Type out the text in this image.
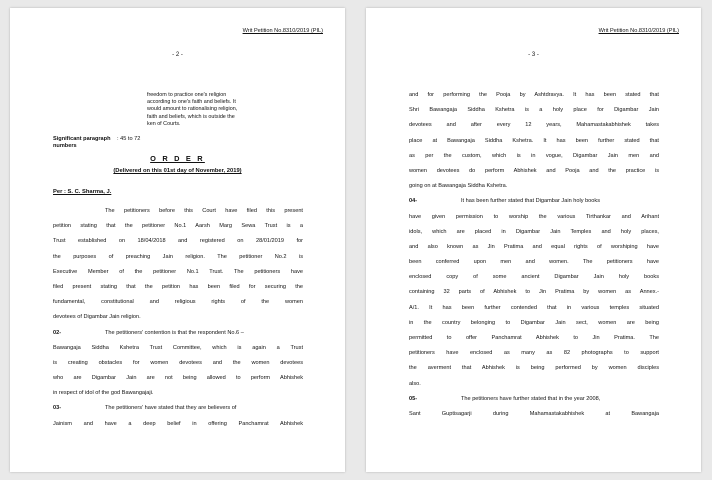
Writ Petition No.8310/2019 (PIL)
- 2 -
freedom to practice one's religion
according to one's faith and beliefs. It
would amount to rationalising religion,
faith and beliefs, which is outside the
ken of Courts.
Significant paragraph numbers
: 45 to 72
O R D E R
(Delivered on this 01st day of November, 2019)
Per : S. C. Sharma, J.
The petitioners before this Court have filed this present
petition stating that the petitioner No.1 Aarsh Marg Sewa Trust is a
Trust established on 18/04/2018 and registered on 28/01/2019 for
the purposes of preaching Jain religion. The petitioner No.2 is
Executive Member of the petitioner No.1 Trust. The petitioners have
filed present stating that the petition has been filed for securing the
fundamental, constitutional and religious rights of the women
devotees of Digambar Jain religion.
02-	The petitioners' contention is that the respondent No.6 –
Bawangaja Siddha Kshetra Trust Committee, which is again a Trust
is creating obstacles for women devotees and the women devotees
who are Digambar Jain are not being allowed to perform Abhishek
in respect of idol of the god Bawangajaji.
03-	The petitioners' have stated that they are believers of
Jainism and have a deep belief in offering Panchamrat Abhishek
Writ Petition No.8310/2019 (PIL)
- 3 -
and for performing the Pooja by Ashtdravya. It has been stated that
Shri Bawangaja Siddha Kshetra is a holy place for Digambar Jain
devotees and after every 12 years, Mahamastakabhishek takes
place at Bawangaja Siddha Kshetra. It has been further stated that
as per the custom, which is in vogue, Digambar Jain men and
women devotees do perform Abhishek and Pooja and the practice is
going on at Bawangaja Siddha Kshetra.
04-	It has been further stated that Digambar Jain holy books
have given permission to worship the various Tirthankar and Arihant
idols, which are placed in Digambar Jain Temples and holy places,
and also known as Jin Pratima and equal rights of worshiping have
been conferred upon men and women. The petitioners have
enclosed copy of some ancient Digambar Jain holy books
containing 32 parts of Abhishek to Jin Pratima by women as Annex.-
A/1. It has been further contended that in various temples situated
in the country belonging to Digambar Jain sect, women are being
permitted to offer Panchamrat Abhishek to Jin Pratima. The
petitioners have enclosed as many as 82 photographs to support
the averment that Abhishek is being performed by women disciples
also.
05-	The petitioners have further stated that in the year 2008,
Sant Guptisagarji during Mahamastakabhishek at Bawangaja
